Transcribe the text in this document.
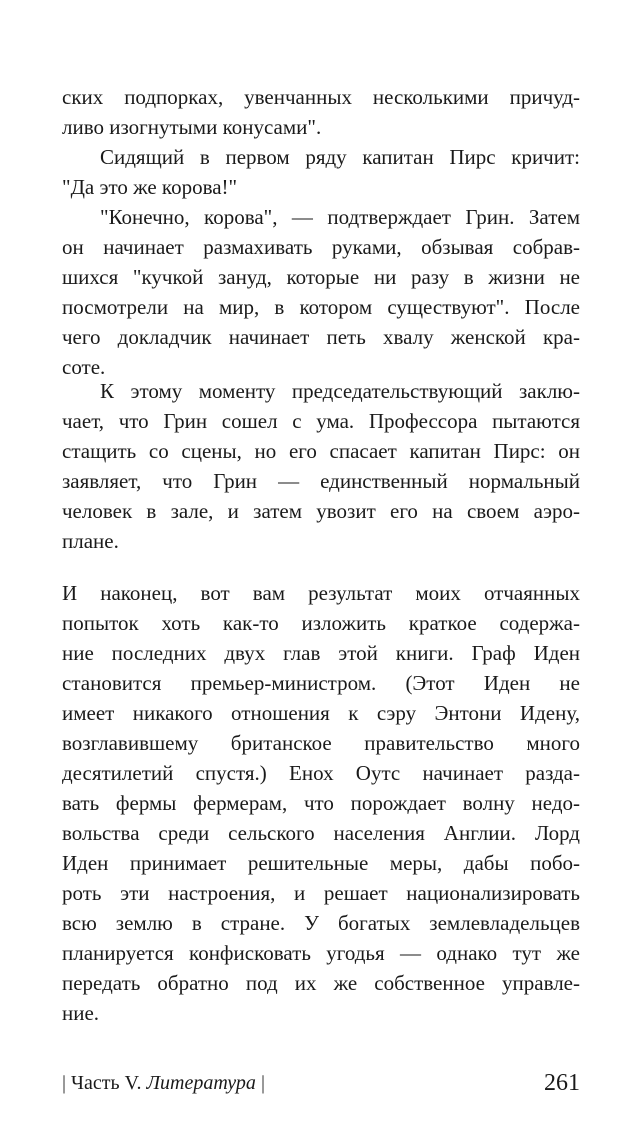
ских подпорках, увенчанных несколькими причуд-
ливо изогнутыми конусами".
Сидящий в первом ряду капитан Пирс кричит:
"Да это же корова!"
"Конечно, корова", — подтверждает Грин. Затем
он начинает размахивать руками, обзывая собрав-
шихся "кучкой зануд, которые ни разу в жизни не
посмотрели на мир, в котором существуют". После
чего докладчик начинает петь хвалу женской кра-
соте.
К этому моменту председательствующий заклю-
чает, что Грин сошел с ума. Профессора пытаются
стащить со сцены, но его спасает капитан Пирс: он
заявляет, что Грин — единственный нормальный
человек в зале, и затем увозит его на своем аэро-
плане.
И наконец, вот вам результат моих отчаянных
попыток хоть как-то изложить краткое содержа-
ние последних двух глав этой книги. Граф Иден
становится премьер-министром. (Этот Иден не
имеет никакого отношения к сэру Энтони Идену,
возглавившему британское правительство много
десятилетий спустя.) Енох Оутс начинает разда-
вать фермы фермерам, что порождает волну недо-
вольства среди сельского населения Англии. Лорд
Иден принимает решительные меры, дабы побо-
роть эти настроения, и решает национализировать
всю землю в стране. У богатых землевладельцев
планируется конфисковать угодья — однако тут же
передать обратно под их же собственное управле-
ние.
| Часть V. Литература |	261
